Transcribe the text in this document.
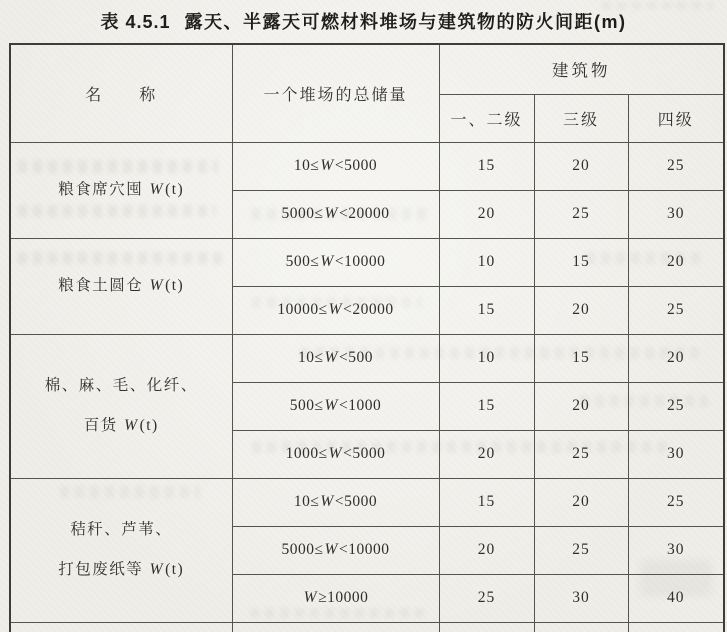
表 4.5.1 露天、半露天可燃材料堆场与建筑物的防火间距(m)
名　　称	一个堆场的总储量	建筑物		
		一、二级	三级	四级

粮食席穴囤 W(t)	10≤W<5000	15	20	25
	5000≤W<20000	20	25	30

粮食土圆仓 W(t)	500≤W<10000	10	15	20
	10000≤W<20000	15	20	25

棉、麻、毛、化纤、
百货 W(t)	10≤W<500	10	15	20
	500≤W<1000	15	20	25
	1000≤W<5000	20	25	30

秸秆、芦苇、
打包废纸等 W(t)	10≤W<5000	15	20	25
	5000≤W<10000	20	25	30
	W≥10000	25	30	40
